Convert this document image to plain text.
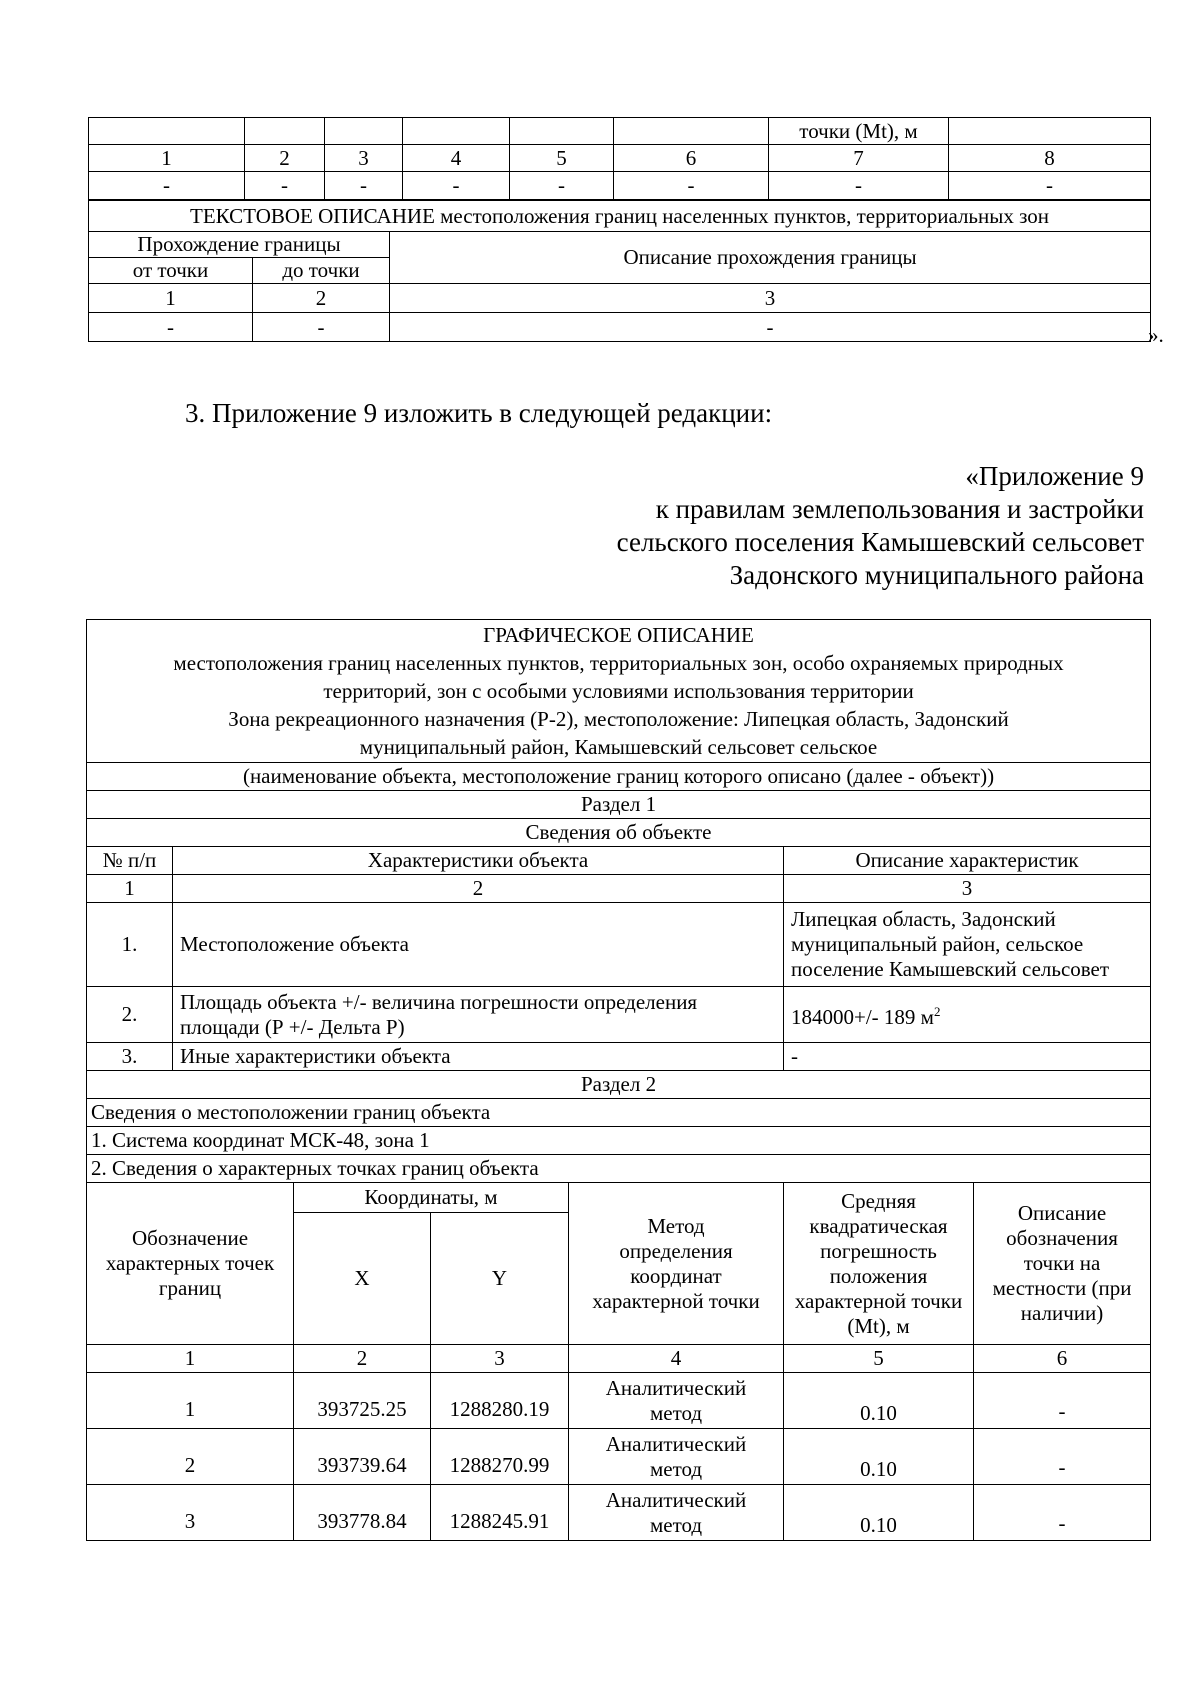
						точки (Mt), м	
1	2	3	4	5	6	7	8
-	-	-	-	-	-	-	-
ТЕКСТОВОЕ ОПИСАНИЕ местоположения границ населенных пунктов, территориальных зон		
Прохождение границы		Описание прохождения границы
от точки	до точки	
1	2	3
-	-	-	».

3. Приложение 9 изложить в следующей редакции:

«Приложение 9
к правилам землепользования и застройки
сельского поселения Камышевский сельсовет
Задонского муниципального района
ГРАФИЧЕСКОЕ ОПИСАНИЕ
местоположения границ населенных пунктов, территориальных зон, особо охраняемых природных
территорий, зон с особыми условиями использования территории
Зона рекреационного назначения (Р-2), местоположение: Липецкая область, Задонский
муниципальный район, Камышевский сельсовет сельское						

(наименование объекта, местоположение границ которого описано (далее - объект))						
Раздел 1						
Сведения об объекте						
№ п/п	Характеристики объекта				Описание характеристик	
1	2				3	
1.	Местоположение объекта				Липецкая область, Задонский муниципальный район, сельское поселение Камышевский сельсовет	
2.	Площадь объекта +/- величина погрешности определения площади (Р +/- Дельта Р)				184000+/- 189 $м^2$
3.	Иные характеристики объекта				-	
Раздел 2						
Сведения о местоположении границ объекта						
1. Система координат МСК-48, зона 1						
2. Сведения о характерных точках границ объекта						
Обозначение характерных точек границ		Координаты, м		Метод определения координат характерной точки	Средняя квадратическая погрешность положения характерной точки (Mt), м	Описание обозначения точки на местности (при наличии)
		X	Y			
1		2	3	4	5	6
1		393725.25	1288280.19	Аналитический метод	0.10	-
2		393739.64	1288270.99	Аналитический метод	0.10	-
3		393778.84	1288245.91	Аналитический метод	0.10	-
